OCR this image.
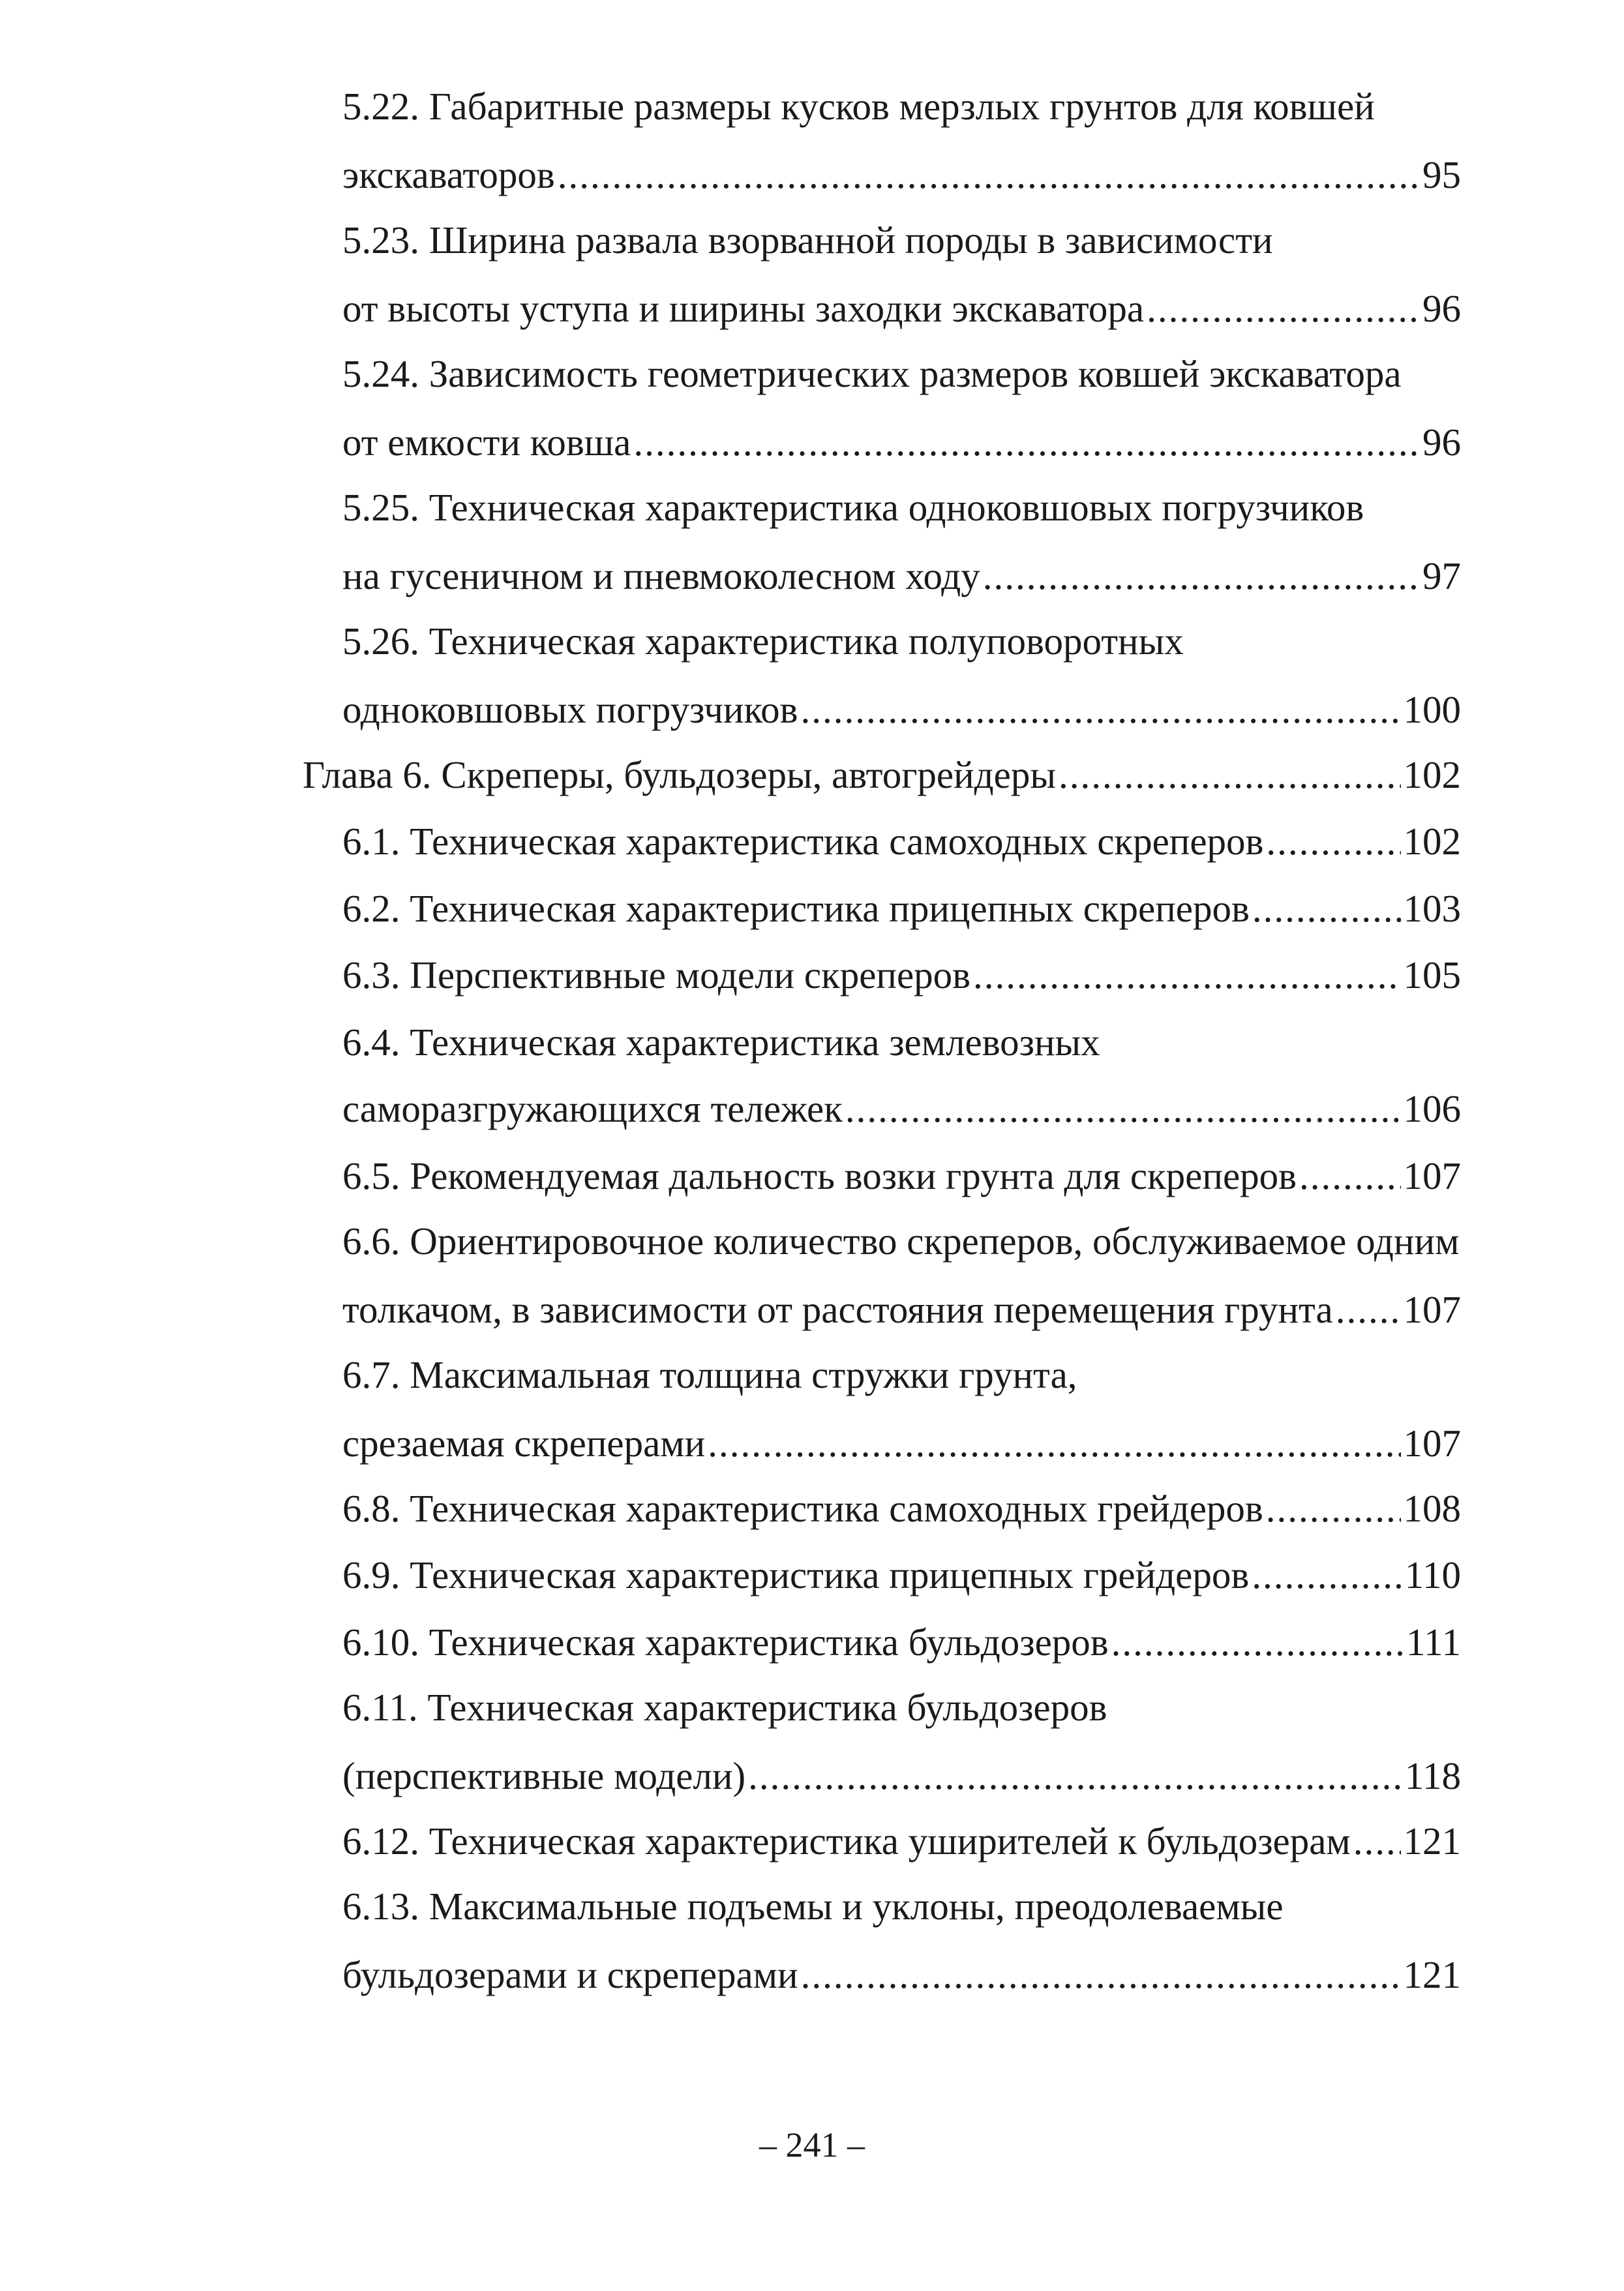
5.22. Габаритные размеры кусков мерзлых грунтов для ковшей
экскаваторов .....	95
5.23. Ширина развала взорванной породы в зависимости
от высоты уступа и ширины заходки экскаватора .....	96
5.24. Зависимость геометрических размеров ковшей экскаватора
от емкости ковша .....	96
5.25. Техническая характеристика одноковшовых погрузчиков
на гусеничном и пневмоколесном ходу .....	97
5.26. Техническая характеристика полуповоротных
одноковшовых погрузчиков .....	100
Глава 6. Скреперы, бульдозеры, автогрейдеры .....	102
6.1. Техническая характеристика самоходных скреперов .....	102
6.2. Техническая характеристика прицепных скреперов .....	103
6.3. Перспективные модели скреперов .....	105
6.4. Техническая характеристика землевозных
саморазгружающихся тележек .....	106
6.5. Рекомендуемая дальность возки грунта для скреперов .....	107
6.6. Ориентировочное количество скреперов, обслуживаемое одним
толкачом, в зависимости от расстояния перемещения грунта ..... 107
6.7. Максимальная толщина стружки грунта,
срезаемая скреперами .....	107
6.8. Техническая характеристика самоходных грейдеров .....	108
6.9. Техническая характеристика прицепных грейдеров .....	110
6.10. Техническая характеристика бульдозеров .....	111
6.11. Техническая характеристика бульдозеров
(перспективные модели) .....	118
6.12. Техническая характеристика уширителей к бульдозерам ..... 121
6.13. Максимальные подъемы и уклоны, преодолеваемые
бульдозерами и скреперами .....	121
– 241 –
